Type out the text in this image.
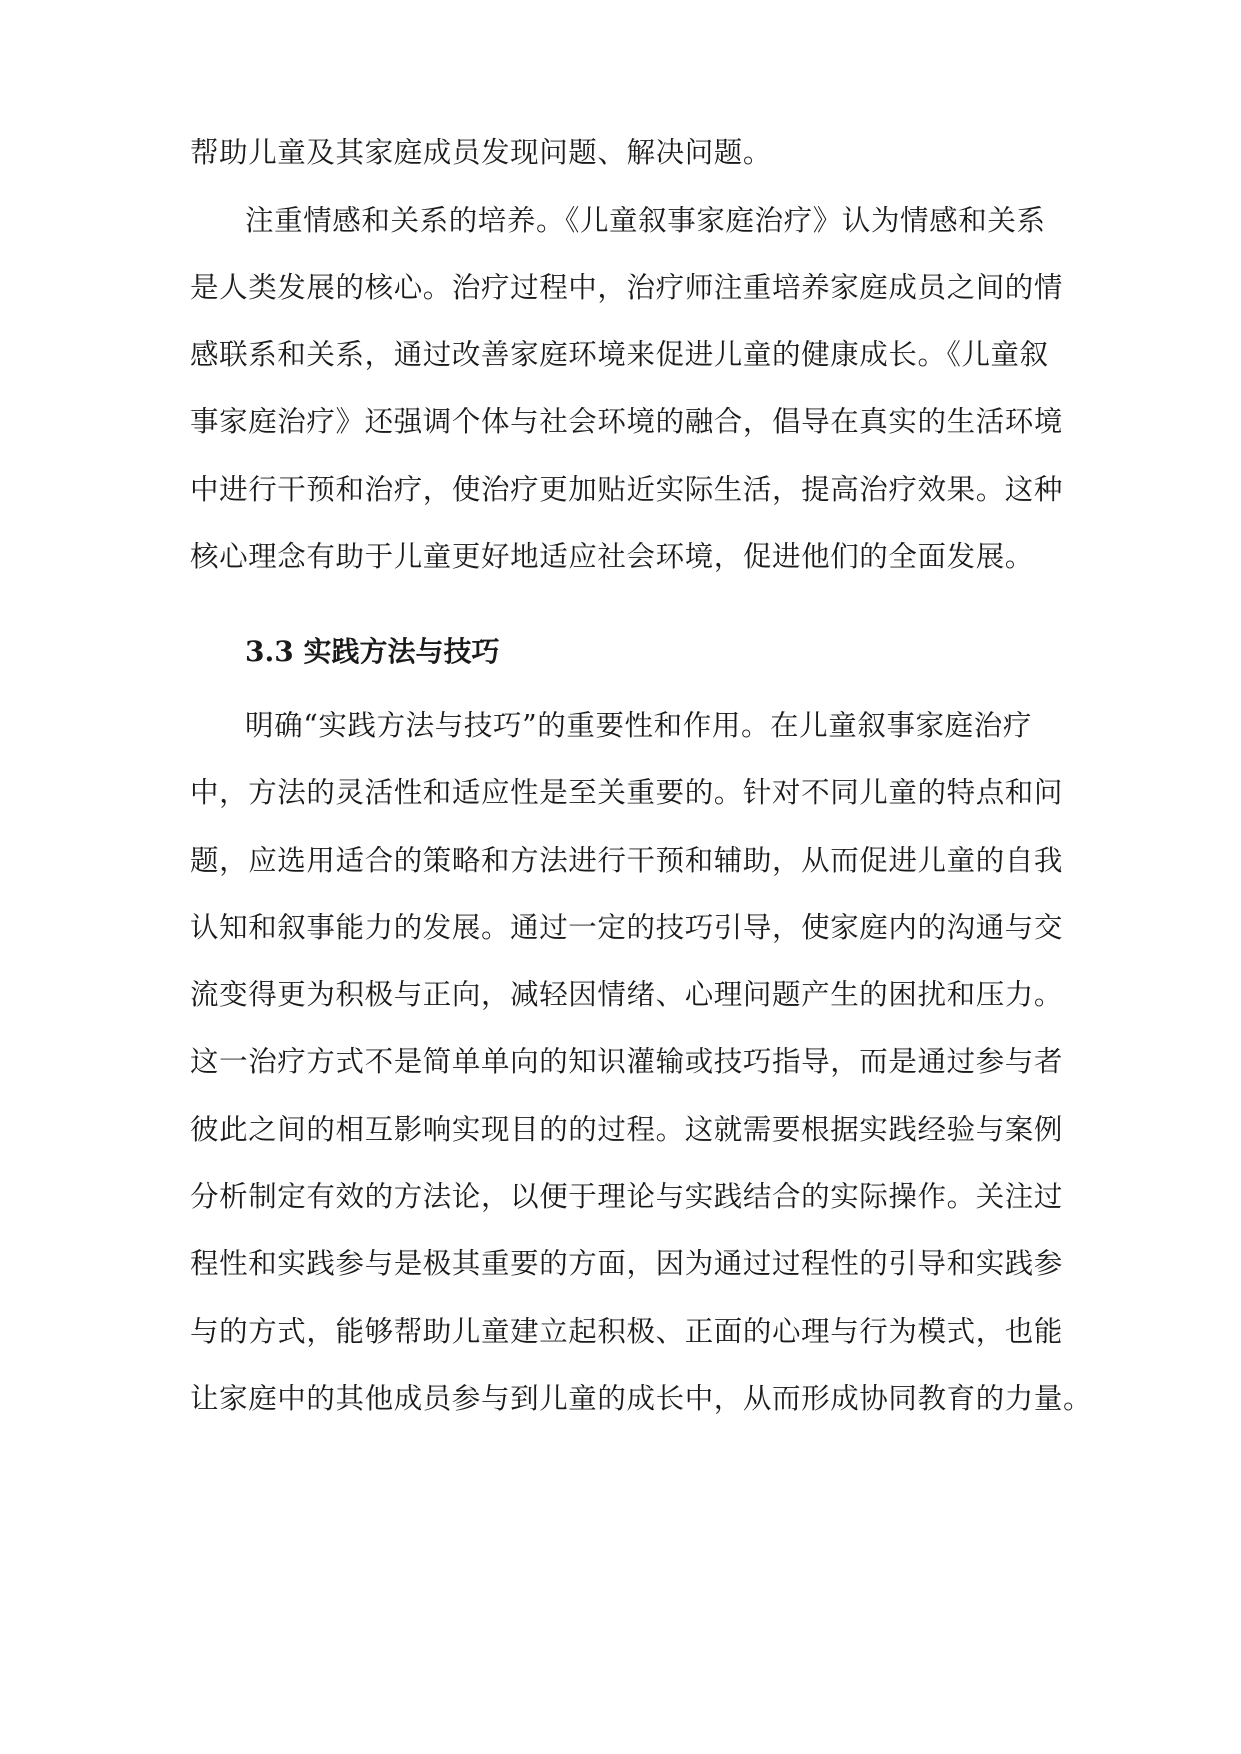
帮助儿童及其家庭成员发现问题、解决问题。
注重情感和关系的培养。《儿童叙事家庭治疗》认为情感和关系
是人类发展的核心。治疗过程中，治疗师注重培养家庭成员之间的情
感联系和关系，通过改善家庭环境来促进儿童的健康成长。《儿童叙
事家庭治疗》还强调个体与社会环境的融合，倡导在真实的生活环境
中进行干预和治疗，使治疗更加贴近实际生活，提高治疗效果。这种
核心理念有助于儿童更好地适应社会环境，促进他们的全面发展。
3.3 实践方法与技巧
明确“实践方法与技巧”的重要性和作用。在儿童叙事家庭治疗
中，方法的灵活性和适应性是至关重要的。针对不同儿童的特点和问
题，应选用适合的策略和方法进行干预和辅助，从而促进儿童的自我
认知和叙事能力的发展。通过一定的技巧引导，使家庭内的沟通与交
流变得更为积极与正向，减轻因情绪、心理问题产生的困扰和压力。
这一治疗方式不是简单单向的知识灌输或技巧指导，而是通过参与者
彼此之间的相互影响实现目的的过程。这就需要根据实践经验与案例
分析制定有效的方法论，以便于理论与实践结合的实际操作。关注过
程性和实践参与是极其重要的方面，因为通过过程性的引导和实践参
与的方式，能够帮助儿童建立起积极、正面的心理与行为模式，也能
让家庭中的其他成员参与到儿童的成长中，从而形成协同教育的力量。
